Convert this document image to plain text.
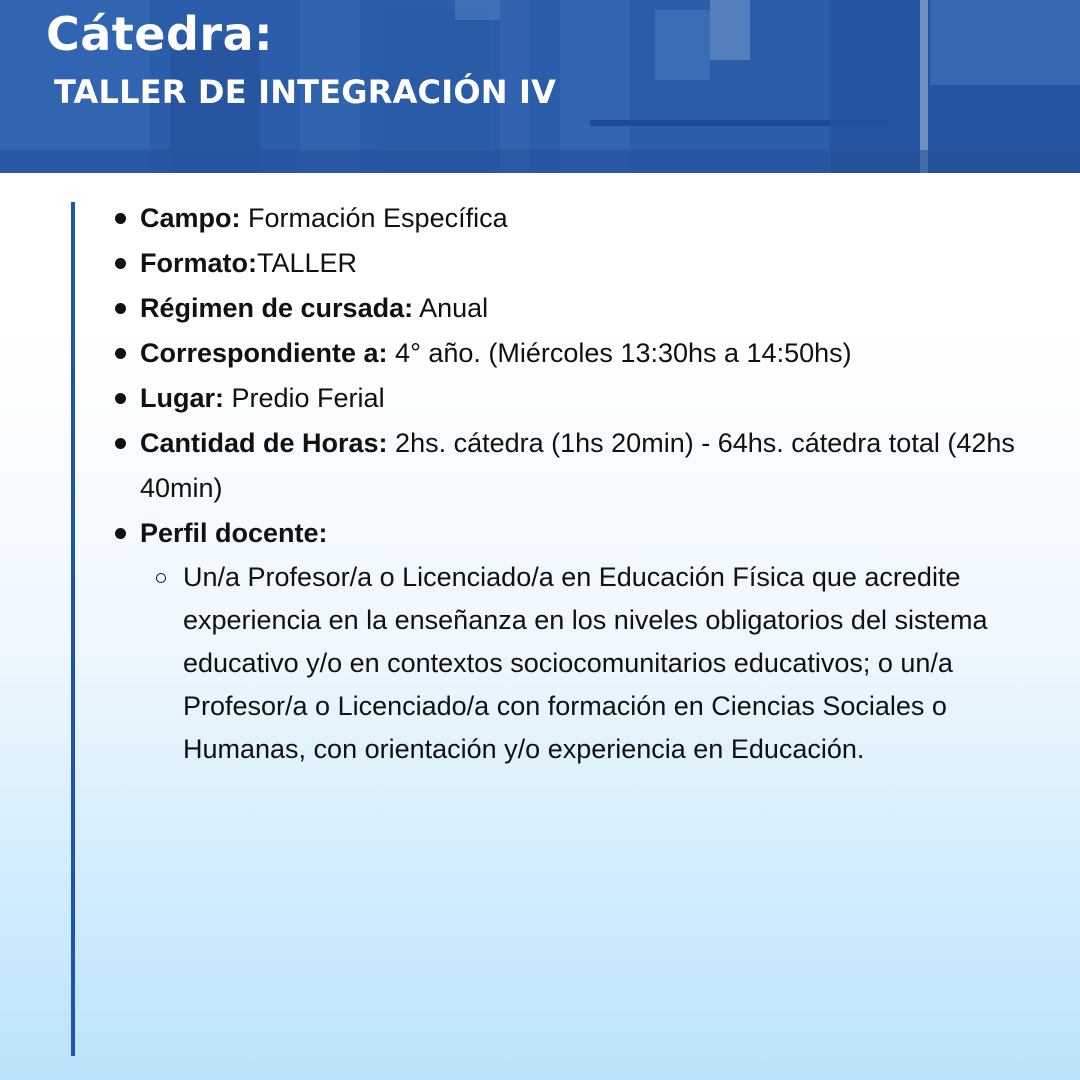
Cátedra:
TALLER DE INTEGRACIÓN IV
Campo: Formación Específica
Formato:TALLER
Régimen de cursada: Anual
Correspondiente a: 4° año. (Miércoles 13:30hs a 14:50hs)
Lugar: Predio Ferial
Cantidad de Horas: 2hs. cátedra (1hs 20min) - 64hs. cátedra total (42hs 40min)
Perfil docente:
Un/a Profesor/a o Licenciado/a en Educación Física que acredite experiencia en la enseñanza en los niveles obligatorios del sistema educativo y/o en contextos sociocomunitarios educativos; o un/a Profesor/a o Licenciado/a con formación en Ciencias Sociales o Humanas, con orientación y/o experiencia en Educación.
